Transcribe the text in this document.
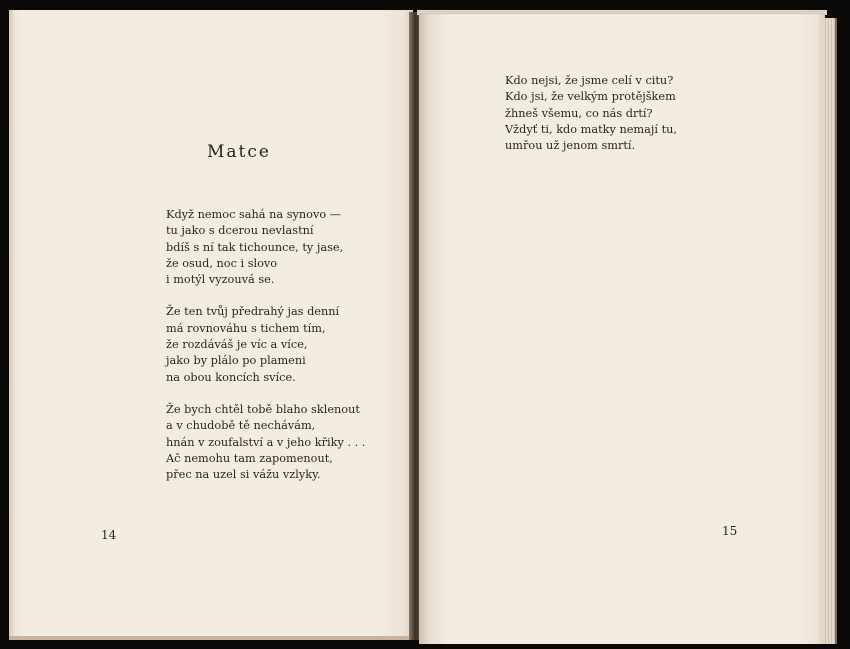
Matce
Když nemoc sahá na synovo —
tu jako s dcerou nevlastní
bdíš s ní tak tichounce, ty jase,
že osud, noc i slovo
i motýl vyzouvá se.
Že ten tvůj předrahý jas denní
má rovnováhu s tichem tím,
že rozdáváš je víc a více,
jako by plálo po plameni
na obou koncích svíce.
Že bych chtěl tobě blaho sklenout
a v chudobě tě nechávám,
hnán v zoufalství a v jeho křiky . . .
Ač nemohu tam zapomenout,
přec na uzel si vážu vzlyky.
14
Kdo nejsi, že jsme celí v citu?
Kdo jsi, že velkým protějškem
žhneš všemu, co nás drtí?
Vždyť ti, kdo matky nemají tu,
umřou už jenom smrtí.
15
